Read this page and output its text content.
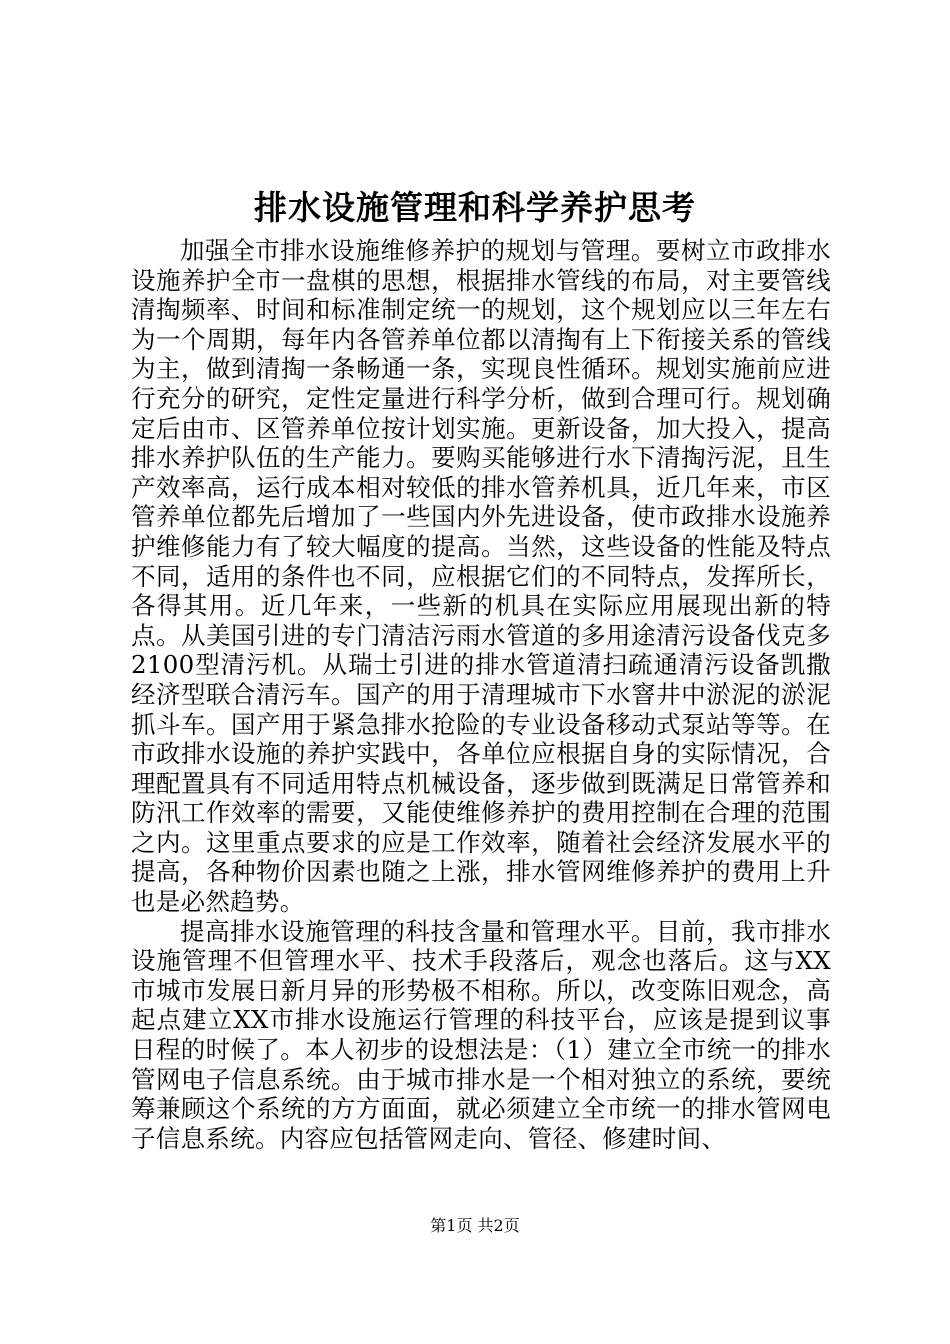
排水设施管理和科学养护思考

加强全市排水设施维修养护的规划与管理。要树立市政排水设施养护全市一盘棋的思想，根据排水管线的布局，对主要管线清掏频率、时间和标准制定统一的规划，这个规划应以三年左右为一个周期，每年内各管养单位都以清掏有上下衔接关系的管线为主，做到清掏一条畅通一条，实现良性循环。规划实施前应进行充分的研究，定性定量进行科学分析，做到合理可行。规划确定后由市、区管养单位按计划实施。更新设备，加大投入，提高排水养护队伍的生产能力。要购买能够进行水下清掏污泥，且生产效率高，运行成本相对较低的排水管养机具，近几年来，市区管养单位都先后增加了一些国内外先进设备，使市政排水设施养护维修能力有了较大幅度的提高。当然，这些设备的性能及特点不同，适用的条件也不同，应根据它们的不同特点，发挥所长，各得其用。近几年来，一些新的机具在实际应用展现出新的特点。从美国引进的专门清洁污雨水管道的多用途清污设备伐克多2100型清污机。从瑞士引进的排水管道清扫疏通清污设备凯撒经济型联合清污车。国产的用于清理城市下水窨井中淤泥的淤泥抓斗车。国产用于紧急排水抢险的专业设备移动式泵站等等。在市政排水设施的养护实践中，各单位应根据自身的实际情况，合理配置具有不同适用特点机械设备，逐步做到既满足日常管养和防汛工作效率的需要，又能使维修养护的费用控制在合理的范围之内。这里重点要求的应是工作效率，随着社会经济发展水平的提高，各种物价因素也随之上涨，排水管网维修养护的费用上升也是必然趋势。

提高排水设施管理的科技含量和管理水平。目前，我市排水设施管理不但管理水平、技术手段落后，观念也落后。这与XX市城市发展日新月异的形势极不相称。所以，改变陈旧观念，高起点建立XX市排水设施运行管理的科技平台，应该是提到议事日程的时候了。本人初步的设想法是：（1）建立全市统一的排水管网电子信息系统。由于城市排水是一个相对独立的系统，要统筹兼顾这个系统的方方面面，就必须建立全市统一的排水管网电子信息系统。内容应包括管网走向、管径、修建时间、

第1页 共2页
